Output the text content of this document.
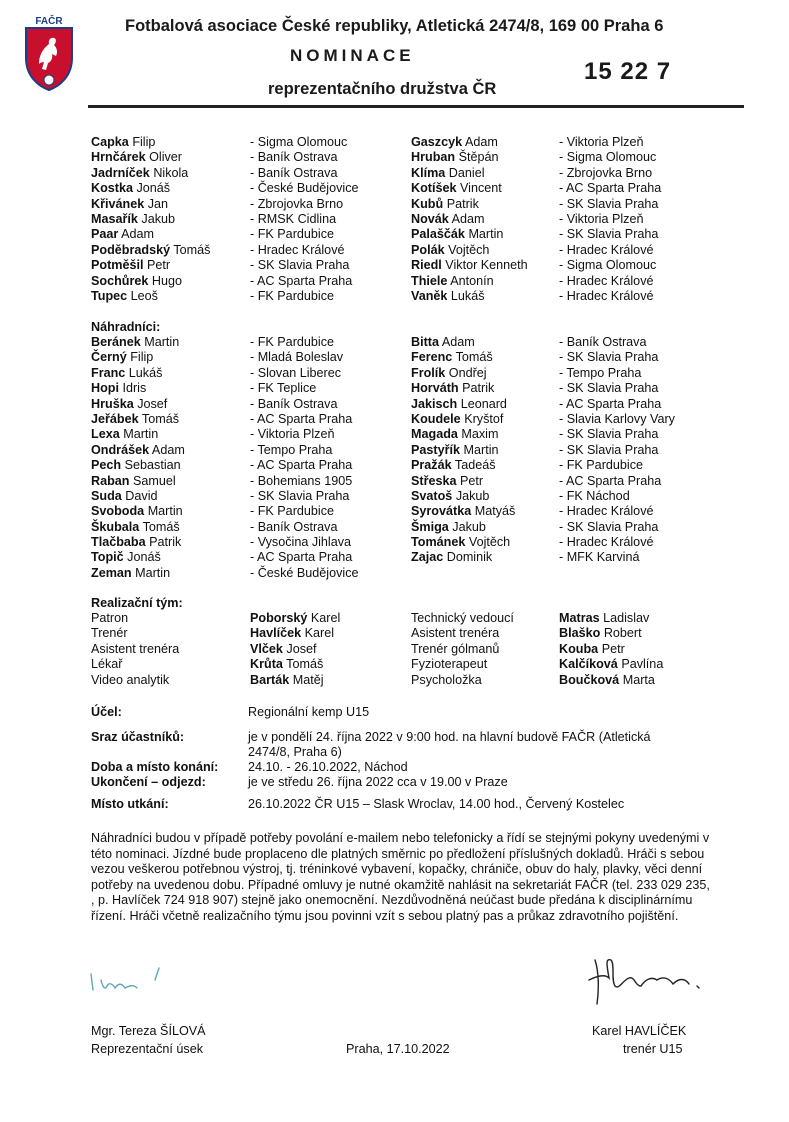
FAČR	Fotbalová asociace České republiky, Atletická 2474/8, 169 00 Praha 6
NOMINACE
reprezentačního družstva ČR
15 22 7
Capka Filip	- Sigma Olomouc	Gaszcyk Adam	- Viktoria Plzeň
Hrnčárek Oliver	- Baník Ostrava	Hruban Štěpán	- Sigma Olomouc
Jadrníček Nikola	- Baník Ostrava	Klíma Daniel	- Zbrojovka Brno
Kostka Jonáš	- České Budějovice	Kotíšek Vincent	- AC Sparta Praha
Křivánek Jan	- Zbrojovka Brno	Kubů Patrik	- SK Slavia Praha
Masařík Jakub	- RMSK Cidlina	Novák Adam	- Viktoria Plzeň
Paar Adam	- FK Pardubice	Palaščák Martin	- SK Slavia Praha
Poděbradský Tomáš	- Hradec Králové	Polák Vojtěch	- Hradec Králové
Potměšil Petr	- SK Slavia Praha	Riedl Viktor Kenneth - Sigma Olomouc
Sochůrek Hugo	- AC Sparta Praha	Thiele Antonín	- Hradec Králové
Tupec Leoš	- FK Pardubice	Vaněk Lukáš	- Hradec Králové
Náhradníci:
Beránek Martin	- FK Pardubice	Bitta Adam	- Baník Ostrava
Černý Filip	- Mladá Boleslav	Ferenc Tomáš	- SK Slavia Praha
Franc Lukáš	- Slovan Liberec	Frolík Ondřej	- Tempo Praha
Hopi Idris	- FK Teplice	Horváth Patrik	- SK Slavia Praha
Hruška Josef	- Baník Ostrava	Jakisch Leonard	- AC Sparta Praha
Jeřábek Tomáš	- AC Sparta Praha	Koudele Kryštof	- Slavia Karlovy Vary
Lexa Martin	- Viktoria Plzeň	Magada Maxim	- SK Slavia Praha
Ondrášek Adam	- Tempo Praha	Pastyřík Martin	- SK Slavia Praha
Pech Sebastian	- AC Sparta Praha	Pražák Tadeáš	- FK Pardubice
Raban Samuel	- Bohemians 1905	Střeska Petr	- AC Sparta Praha
Suda David	- SK Slavia Praha	Svatoš Jakub	- FK Náchod
Svoboda Martin	- FK Pardubice	Syrovátka Matyáš	- Hradec Králové
Škubala Tomáš	- Baník Ostrava	Šmiga Jakub	- SK Slavia Praha
Tlačbaba Patrik	- Vysočina Jihlava	Tománek Vojtěch	- Hradec Králové
Topič Jonáš	- AC Sparta Praha	Zajac Dominik	- MFK Karviná
Zeman Martin	- České Budějovice
Realizační tým:
Patron	Poborský Karel	Technický vedoucí	Matras Ladislav
Trenér	Havlíček Karel	Asistent trenéra	Blaško Robert
Asistent trenéra	Vlček Josef	Trenér gólmanů	Kouba Petr
Lékař	Krůta Tomáš	Fyzioterapeut	Kalčíková Pavlína
Video analytik	Barták Matěj	Psycholožka	Boučková Marta
Účel:	Regionální kemp U15
Sraz účastníků:	je v pondělí 24. října 2022 v 9:00 hod. na hlavní budově FAČR (Atletická 2474/8, Praha 6)
Doba a místo konání: 24.10. - 26.10.2022, Náchod
Ukončení – odjezd:	je ve středu 26. října 2022 cca v 19.00 v Praze
Místo utkání:	26.10.2022 ČR U15 – Slask Wroclav, 14.00 hod., Červený Kostelec
Náhradníci budou v případě potřeby povolání e-mailem nebo telefonicky a řídí se stejnými pokyny uvedenými v této nominaci. Jízdné bude proplaceno dle platných směrnic po předložení příslušných dokladů. Hráči s sebou vezou veškerou potřebnou výstroj, tj. tréninkové vybavení, kopačky, chrániče, obuv do haly, plavky, věci denní potřeby na uvedenou dobu. Případné omluvy je nutné okamžitě nahlásit na sekretariát FAČR (tel. 233 029 235, , p. Havlíček 724 918 907) stejně jako onemocnění. Nezdůvodněná neúčast bude předána k disciplinárnímu řízení. Hráči včetně realizačního týmu jsou povinni vzít s sebou platný pas a průkaz zdravotního pojištění.
Mgr. Tereza ŠÍLOVÁ
Reprezentační úsek	Praha, 17.10.2022
Karel HAVLÍČEK
trenér U15
